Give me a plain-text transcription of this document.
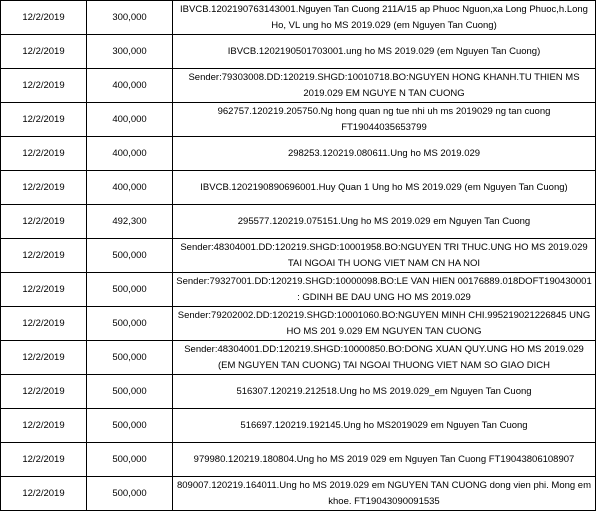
12/2/2019	300,000	IBVCB.1202190763143001.Nguyen Tan Cuong 211A/15 ap Phuoc Nguon,xa Long Phuoc,h.Long Ho, VL ung ho MS 2019.029 (em Nguyen Tan Cuong)
12/2/2019	300,000	IBVCB.1202190501703001.ung ho MS 2019.029 (em Nguyen Tan Cuong)
12/2/2019	400,000	Sender:79303008.DD:120219.SHGD:10010718.BO:NGUYEN HONG KHANH.TU THIEN MS 2019.029 EM NGUYE N TAN CUONG
12/2/2019	400,000	962757.120219.205750.Ng hong quan ng tue nhi uh ms 2019029 ng tan cuong FT19044035653799
12/2/2019	400,000	298253.120219.080611.Ung ho MS 2019.029
12/2/2019	400,000	IBVCB.1202190890696001.Huy Quan 1 Ung ho MS 2019.029 (em Nguyen Tan Cuong)
12/2/2019	492,300	295577.120219.075151.Ung ho MS 2019.029 em Nguyen Tan Cuong
12/2/2019	500,000	Sender:48304001.DD:120219.SHGD:10001958.BO:NGUYEN TRI THUC.UNG HO MS 2019.029 TAI NGOAI TH UONG VIET NAM CN HA NOI
12/2/2019	500,000	Sender:79327001.DD:120219.SHGD:10000098.BO:LE VAN HIEN 00176889.018DOFT190430001 : GDINH BE DAU UNG HO MS 2019.029
12/2/2019	500,000	Sender:79202002.DD:120219.SHGD:10001060.BO:NGUYEN MINH CHI.995219021226845 UNG HO MS 201 9.029 EM NGUYEN TAN CUONG
12/2/2019	500,000	Sender:48304001.DD:120219.SHGD:10000850.BO:DONG XUAN QUY.UNG HO MS 2019.029 (EM NGUYEN TAN CUONG) TAI NGOAI THUONG VIET NAM SO GIAO DICH
12/2/2019	500,000	516307.120219.212518.Ung ho MS 2019.029_em Nguyen Tan Cuong
12/2/2019	500,000	516697.120219.192145.Ung ho MS2019029 em Nguyen Tan Cuong
12/2/2019	500,000	979980.120219.180804.Ung ho MS 2019 029 em Nguyen Tan Cuong FT19043806108907
12/2/2019	500,000	809007.120219.164011.Ung ho MS 2019.029 em NGUYEN TAN CUONG dong vien phi. Mong em khoe. FT19043090091535
